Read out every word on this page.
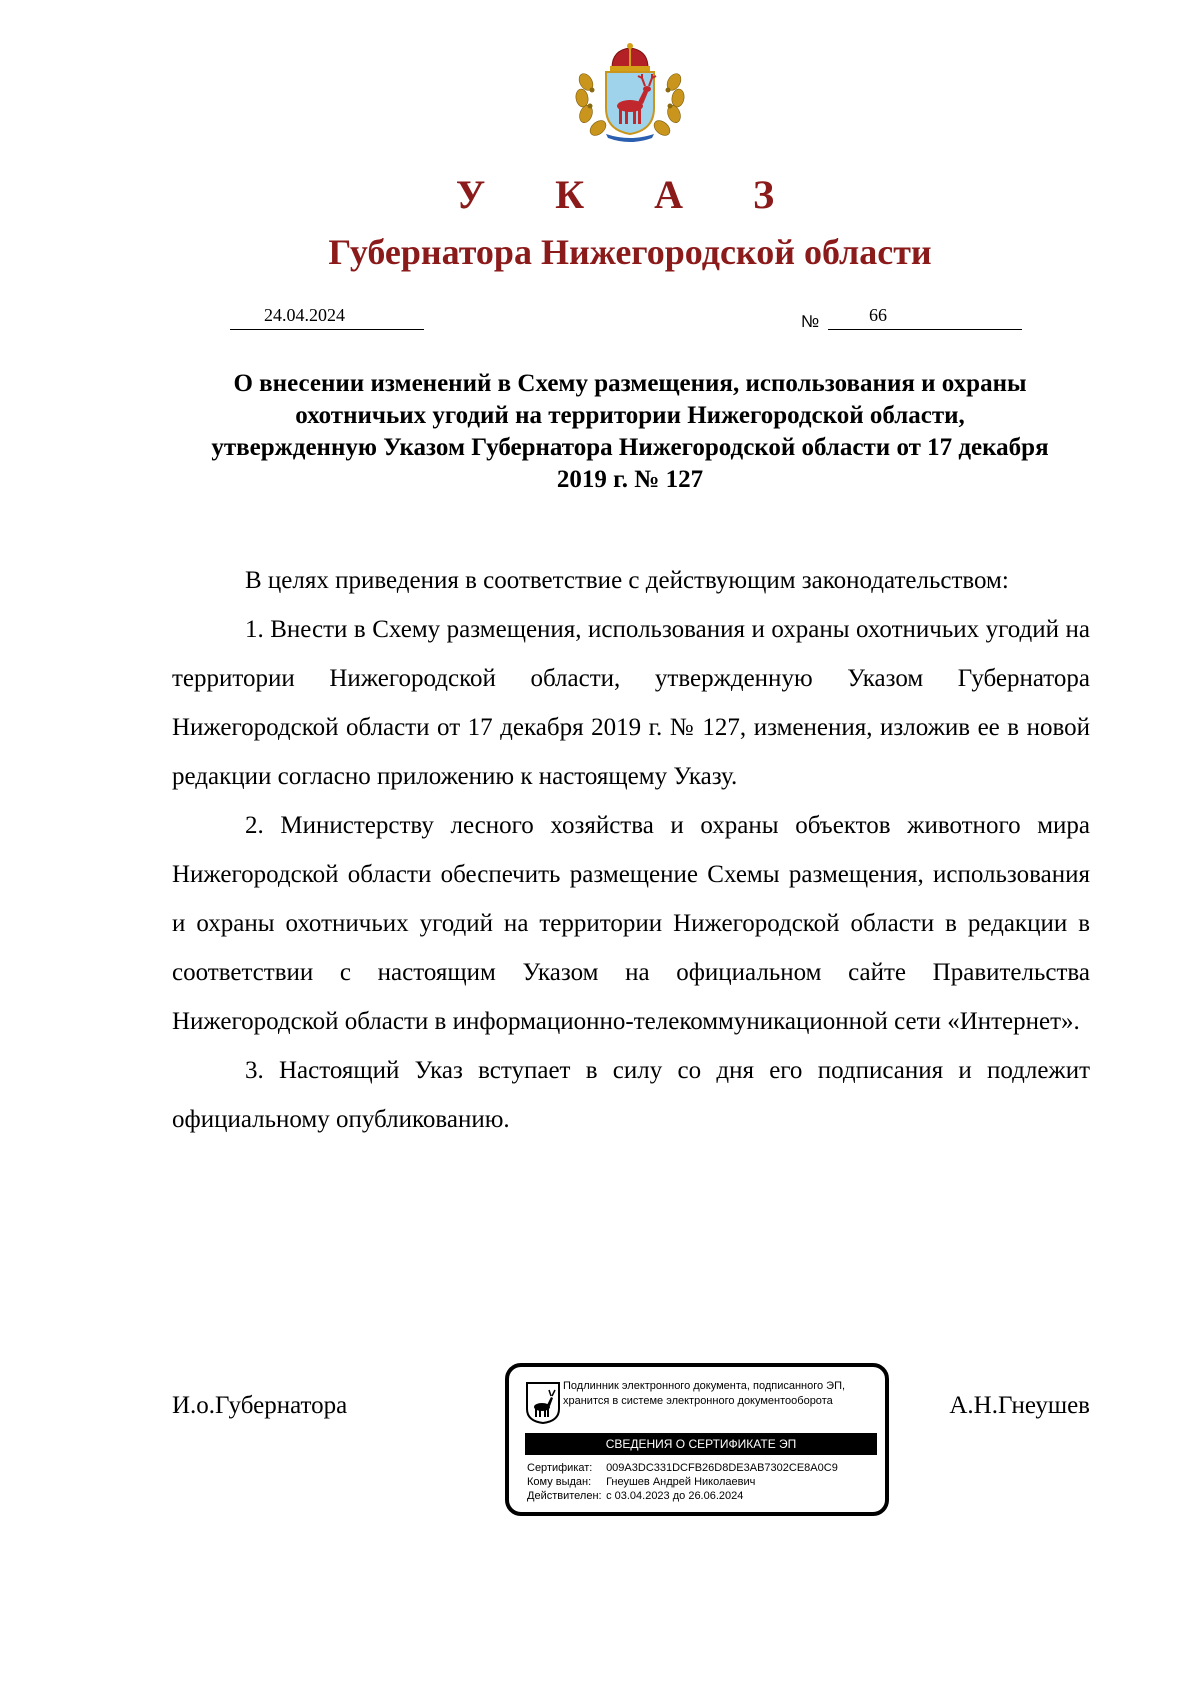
У К А З
Губернатора Нижегородской области
24.04.2024	№	66
О внесении изменений в Схему размещения, использования и охраны охотничьих угодий на территории Нижегородской области, утвержденную Указом Губернатора Нижегородской области от 17 декабря 2019 г. № 127

В целях приведения в соответствие с действующим законодательством:

1. Внести в Схему размещения, использования и охраны охотничьих угодий на территории Нижегородской области, утвержденную Указом Губернатора Нижегородской области от 17 декабря 2019 г. № 127, изменения, изложив ее в новой редакции согласно приложению к настоящему Указу.

2. Министерству лесного хозяйства и охраны объектов животного мира Нижегородской области обеспечить размещение Схемы размещения, использования и охраны охотничьих угодий на территории Нижегородской области в редакции в соответствии с настоящим Указом на официальном сайте Правительства Нижегородской области в информационно-телекоммуникационной сети «Интернет».

3. Настоящий Указ вступает в силу со дня его подписания и подлежит официальному опубликованию.

И.о.Губернатора	А.Н.Гнеушев
Подлинник электронного документа, подписанного ЭП,
хранится в системе электронного документооборота
СВЕДЕНИЯ О СЕРТИФИКАТЕ ЭП
Сертификат: 009A3DC331DCFB26D8DE3AB7302CE8A0C9
Кому выдан: Гнеушев Андрей Николаевич
Действителен: с 03.04.2023 до 26.06.2024
